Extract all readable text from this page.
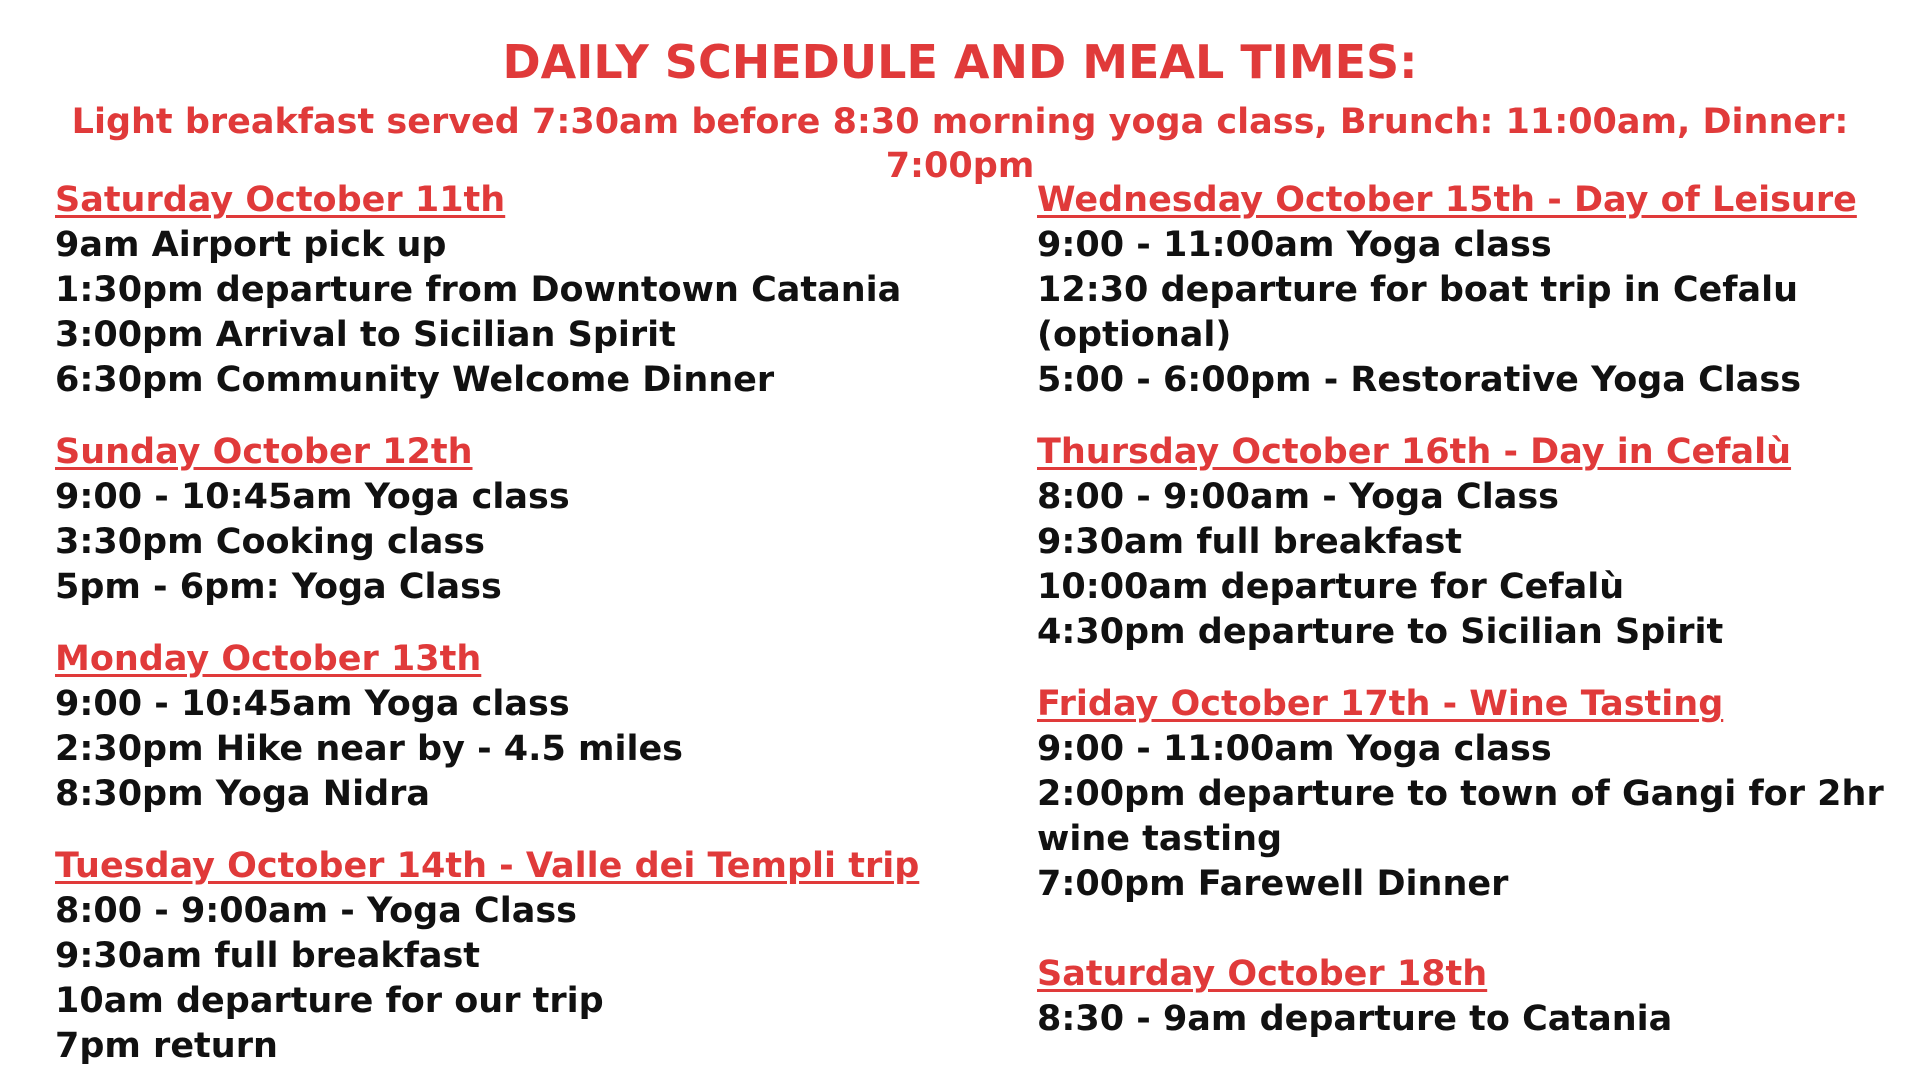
DAILY SCHEDULE AND MEAL TIMES:

Light breakfast served 7:30am before 8:30 morning yoga class, Brunch: 11:00am, Dinner: 7:00pm

Saturday October 11th
9am Airport pick up
1:30pm departure from Downtown Catania
3:00pm Arrival to Sicilian Spirit
6:30pm Community Welcome Dinner
Sunday October 12th
9:00 - 10:45am Yoga class
3:30pm Cooking class
5pm - 6pm: Yoga Class
Monday October 13th
9:00 - 10:45am Yoga class
2:30pm Hike near by - 4.5 miles
8:30pm Yoga Nidra
Tuesday October 14th - Valle dei Templi trip
8:00 - 9:00am - Yoga Class
9:30am full breakfast
10am departure for our trip
7pm return
Wednesday October 15th - Day of Leisure
9:00 - 11:00am Yoga class
12:30 departure for boat trip in Cefalu (optional)
5:00 - 6:00pm - Restorative Yoga Class
Thursday October 16th - Day in Cefalù
8:00 - 9:00am - Yoga Class
9:30am full breakfast
10:00am departure for Cefalù
4:30pm departure to Sicilian Spirit
Friday October 17th - Wine Tasting
9:00 - 11:00am Yoga class
2:00pm departure to town of Gangi for 2hr wine tasting
7:00pm Farewell Dinner
Saturday October 18th
8:30 - 9am departure to Catania
